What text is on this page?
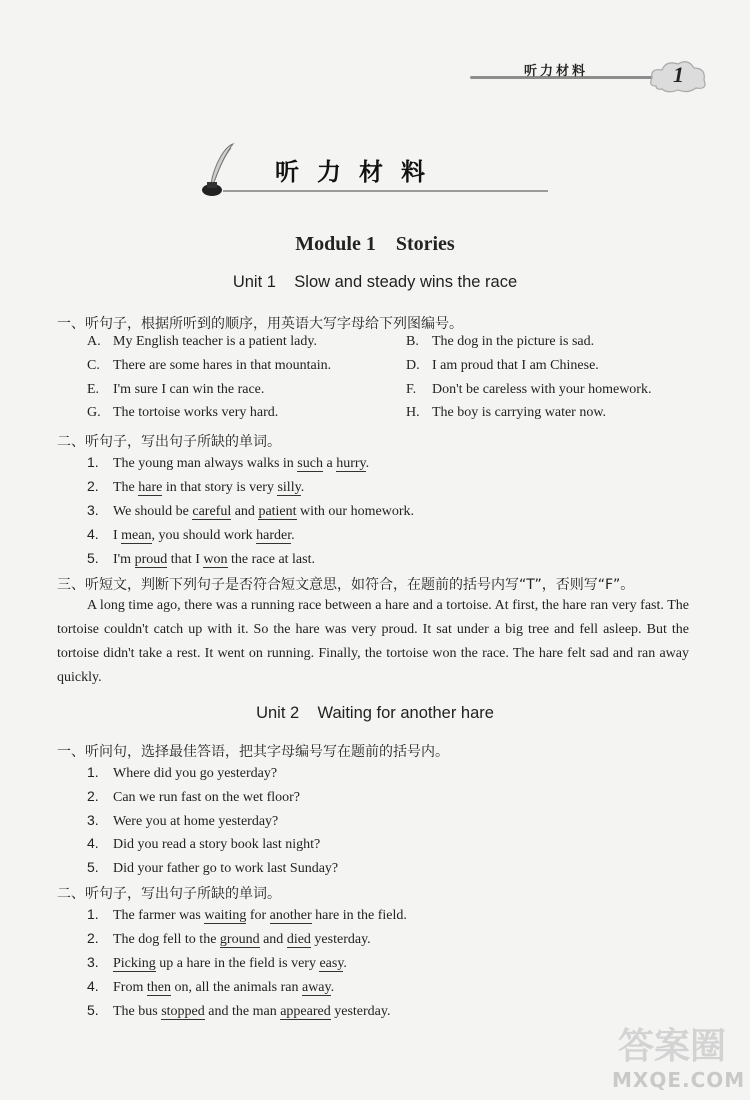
听力材料	1
听力材料
Module 1    Stories
Unit 1    Slow and steady wins the race
一、听句子，根据所听到的顺序，用英语大写字母给下列图编号。
A. My English teacher is a patient lady.	B. The dog in the picture is sad.
C. There are some hares in that mountain.	D. I am proud that I am Chinese.
E. I'm sure I can win the race.	F. Don't be careless with your homework.
G. The tortoise works very hard.	H. The boy is carrying water now.
二、听句子，写出句子所缺的单词。
1. The young man always walks in such a hurry.
2. The hare in that story is very silly.
3. We should be careful and patient with our homework.
4. I mean, you should work harder.
5. I'm proud that I won the race at last.
三、听短文，判断下列句子是否符合短文意思，如符合，在题前的括号内写“T”，否则写“F”。
A long time ago, there was a running race between a hare and a tortoise. At first, the hare ran very fast. The tortoise couldn't catch up with it. So the hare was very proud. It sat under a big tree and fell asleep. But the tortoise didn't take a rest. It went on running. Finally, the tortoise won the race. The hare felt sad and ran away quickly.
Unit 2    Waiting for another hare
一、听问句，选择最佳答语，把其字母编号写在题前的括号内。
1. Where did you go yesterday?
2. Can we run fast on the wet floor?
3. Were you at home yesterday?
4. Did you read a story book last night?
5. Did your father go to work last Sunday?
二、听句子，写出句子所缺的单词。
1. The farmer was waiting for another hare in the field.
2. The dog fell to the ground and died yesterday.
3. Picking up a hare in the field is very easy.
4. From then on, all the animals ran away.
5. The bus stopped and the man appeared yesterday.
答案圈
MXQE.COM
